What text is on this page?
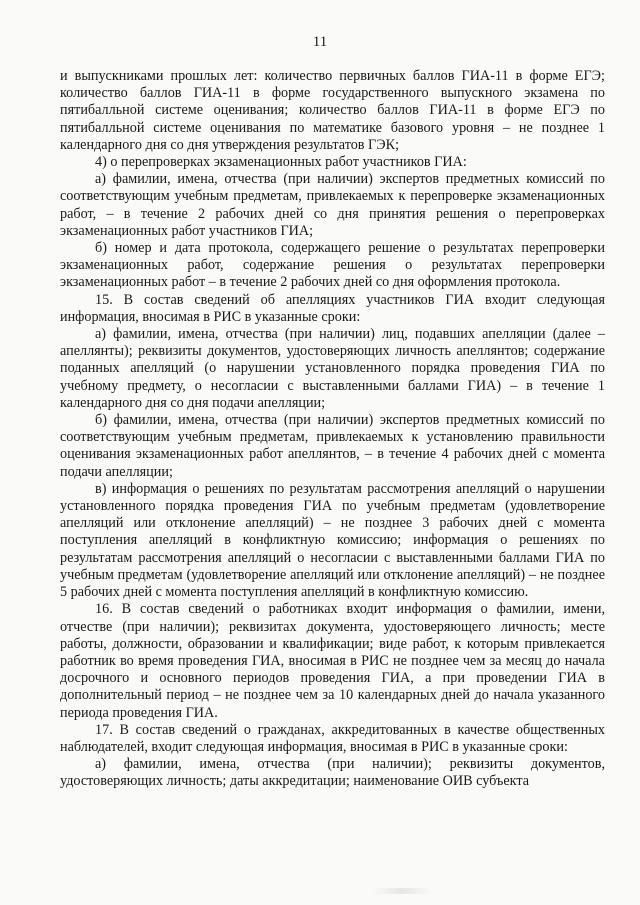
11

и выпускниками прошлых лет: количество первичных баллов ГИА-11 в форме ЕГЭ; количество баллов ГИА-11 в форме государственного выпускного экзамена по пятибалльной системе оценивания; количество баллов ГИА-11 в форме ЕГЭ по пятибалльной системе оценивания по математике базового уровня – не позднее 1 календарного дня со дня утверждения результатов ГЭК;

4) о перепроверках экзаменационных работ участников ГИА:

а) фамилии, имена, отчества (при наличии) экспертов предметных комиссий по соответствующим учебным предметам, привлекаемых к перепроверке экзаменационных работ, – в течение 2 рабочих дней со дня принятия решения о перепроверках экзаменационных работ участников ГИА;

б) номер и дата протокола, содержащего решение о результатах перепроверки экзаменационных работ, содержание решения о результатах перепроверки экзаменационных работ – в течение 2 рабочих дней со дня оформления протокола.

15. В состав сведений об апелляциях участников ГИА входит следующая информация, вносимая в РИС в указанные сроки:

а) фамилии, имена, отчества (при наличии) лиц, подавших апелляции (далее – апеллянты); реквизиты документов, удостоверяющих личность апеллянтов; содержание поданных апелляций (о нарушении установленного порядка проведения ГИА по учебному предмету, о несогласии с выставленными баллами ГИА) – в течение 1 календарного дня со дня подачи апелляции;

б) фамилии, имена, отчества (при наличии) экспертов предметных комиссий по соответствующим учебным предметам, привлекаемых к установлению правильности оценивания экзаменационных работ апеллянтов, – в течение 4 рабочих дней с момента подачи апелляции;

в) информация о решениях по результатам рассмотрения апелляций о нарушении установленного порядка проведения ГИА по учебным предметам (удовлетворение апелляций или отклонение апелляций) – не позднее 3 рабочих дней с момента поступления апелляций в конфликтную комиссию; информация о решениях по результатам рассмотрения апелляций о несогласии с выставленными баллами ГИА по учебным предметам (удовлетворение апелляций или отклонение апелляций) – не позднее 5 рабочих дней с момента поступления апелляций в конфликтную комиссию.

16. В состав сведений о работниках входит информация о фамилии, имени, отчестве (при наличии); реквизитах документа, удостоверяющего личность; месте работы, должности, образовании и квалификации; виде работ, к которым привлекается работник во время проведения ГИА, вносимая в РИС не позднее чем за месяц до начала досрочного и основного периодов проведения ГИА, а при проведении ГИА в дополнительный период – не позднее чем за 10 календарных дней до начала указанного периода проведения ГИА.

17. В состав сведений о гражданах, аккредитованных в качестве общественных наблюдателей, входит следующая информация, вносимая в РИС в указанные сроки:

а) фамилии, имена, отчества (при наличии); реквизиты документов, удостоверяющих личность; даты аккредитации; наименование ОИВ субъекта
